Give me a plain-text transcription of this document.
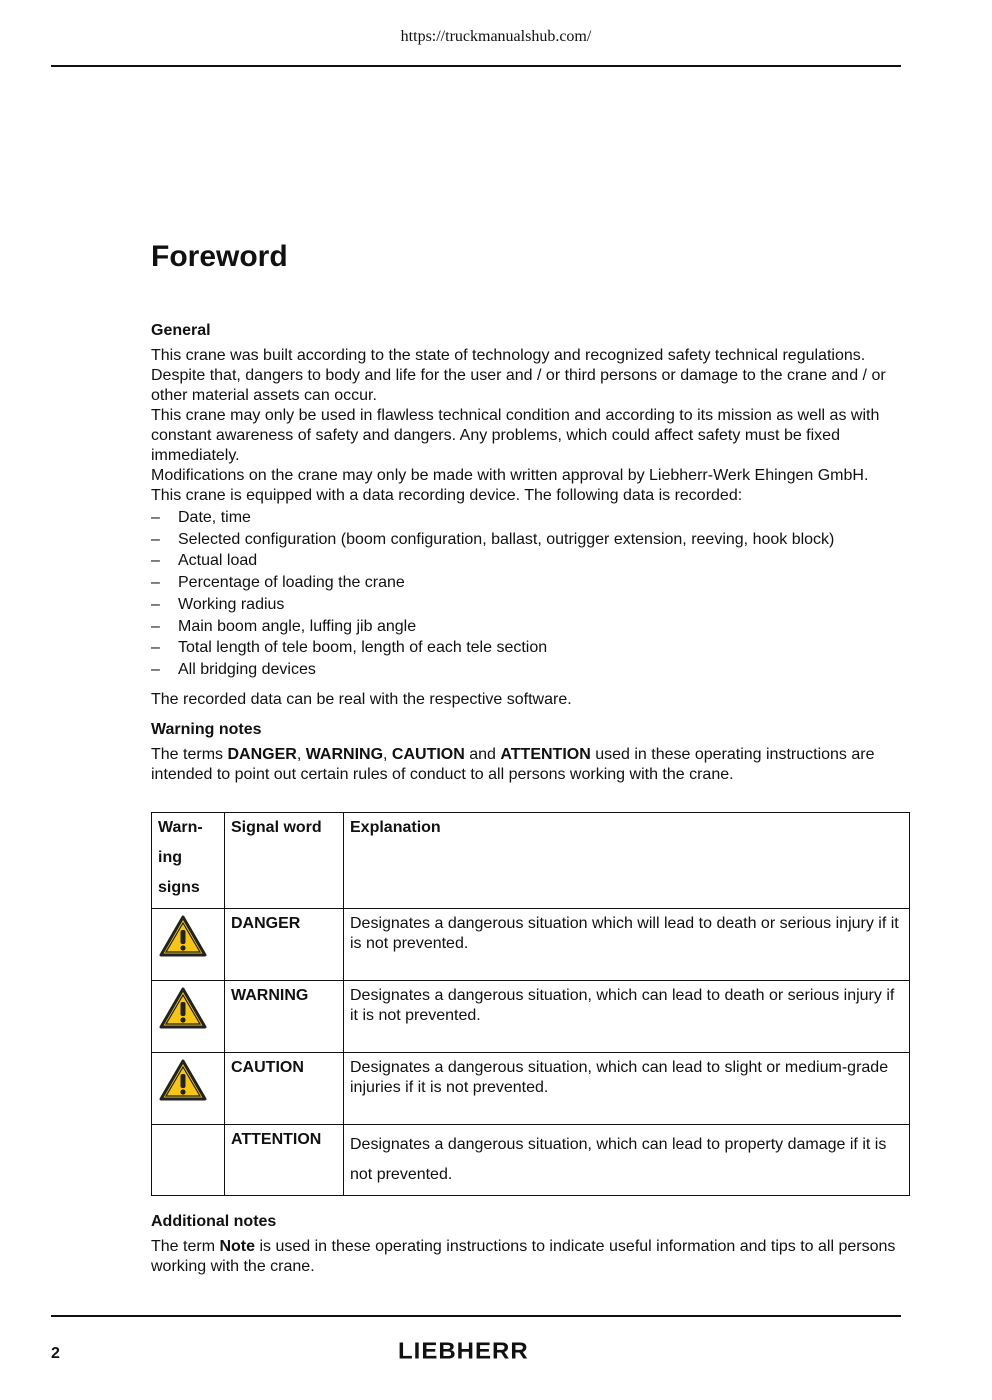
https://truckmanualshub.com/
Foreword
General

This crane was built according to the state of technology and recognized safety technical regulations. Despite that, dangers to body and life for the user and / or third persons or damage to the crane and / or other material assets can occur.

This crane may only be used in flawless technical condition and according to its mission as well as with constant awareness of safety and dangers. Any problems, which could affect safety must be fixed immediately.

Modifications on the crane may only be made with written approval by Liebherr-Werk Ehingen GmbH.

This crane is equipped with a data recording device. The following data is recorded:

– Date, time
– Selected configuration (boom configuration, ballast, outrigger extension, reeving, hook block)
– Actual load
– Percentage of loading the crane
– Working radius
– Main boom angle, luffing jib angle
– Total length of tele boom, length of each tele section
– All bridging devices
The recorded data can be real with the respective software.
Warning notes
The terms DANGER, WARNING, CAUTION and ATTENTION used in these operating instructions are intended to point out certain rules of conduct to all persons working with the crane.
Warn-
ing
signs	Signal word	Explanation
	DANGER	Designates a dangerous situation which will lead to death or serious injury if it is not prevented.
	WARNING	Designates a dangerous situation, which can lead to death or serious injury if it is not prevented.
	CAUTION	Designates a dangerous situation, which can lead to slight or medium-grade injuries if it is not prevented.
	ATTENTION	Designates a dangerous situation, which can lead to property damage if it is not prevented.
Additional notes
The term Note is used in these operating instructions to indicate useful information and tips to all persons working with the crane.
2	LIEBHERR
